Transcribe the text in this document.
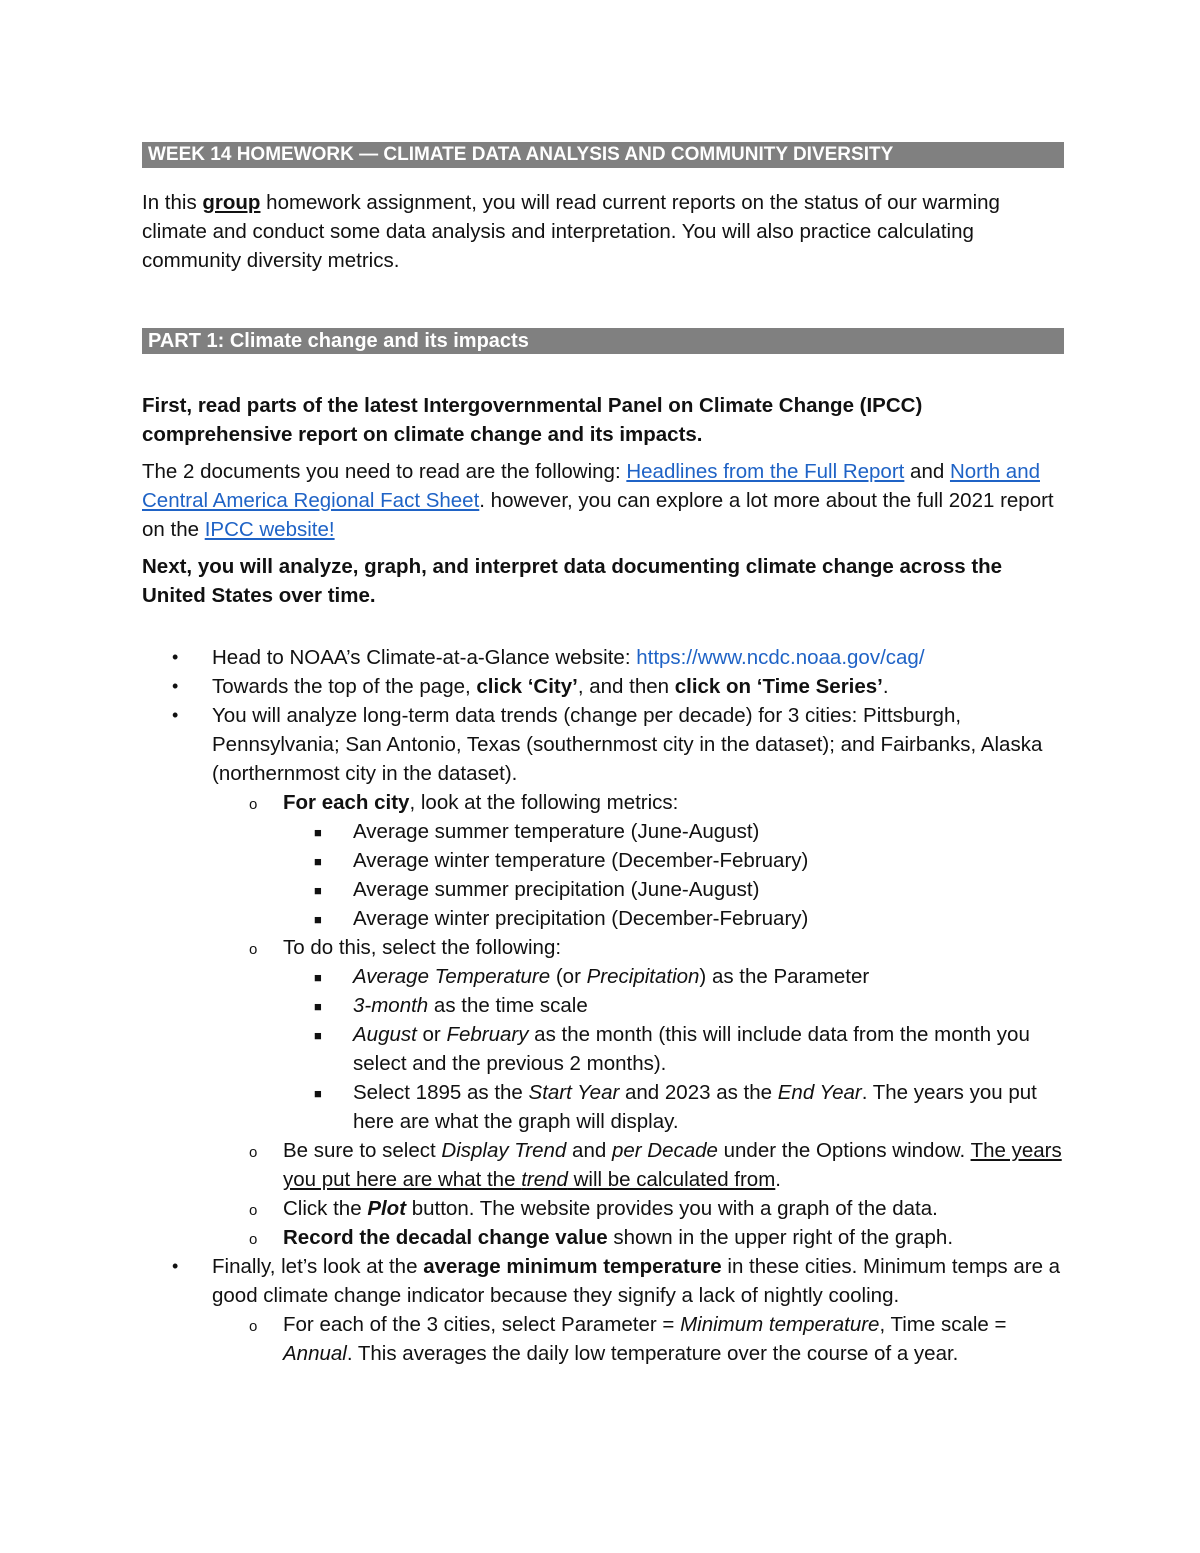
WEEK 14 HOMEWORK — CLIMATE DATA ANALYSIS AND COMMUNITY DIVERSITY

In this group homework assignment, you will read current reports on the status of our warming climate and conduct some data analysis and interpretation. You will also practice calculating community diversity metrics.

PART 1: Climate change and its impacts

First, read parts of the latest Intergovernmental Panel on Climate Change (IPCC) comprehensive report on climate change and its impacts.

The 2 documents you need to read are the following: Headlines from the Full Report and North and Central America Regional Fact Sheet. however, you can explore a lot more about the full 2021 report on the IPCC website!

Next, you will analyze, graph, and interpret data documenting climate change across the United States over time.

• Head to NOAA’s Climate-at-a-Glance website: https://www.ncdc.noaa.gov/cag/
• Towards the top of the page, click ‘City’, and then click on ‘Time Series’.
• You will analyze long-term data trends (change per decade) for 3 cities: Pittsburgh, Pennsylvania; San Antonio, Texas (southernmost city in the dataset); and Fairbanks, Alaska (northernmost city in the dataset).
o For each city, look at the following metrics:
■ Average summer temperature (June-August)
■ Average winter temperature (December-February)
■ Average summer precipitation (June-August)
■ Average winter precipitation (December-February)
o To do this, select the following:
■ Average Temperature (or Precipitation) as the Parameter
■ 3-month as the time scale
■ August or February as the month (this will include data from the month you select and the previous 2 months).
■ Select 1895 as the Start Year and 2023 as the End Year. The years you put here are what the graph will display.
o Be sure to select Display Trend and per Decade under the Options window. The years you put here are what the trend will be calculated from.
o Click the Plot button. The website provides you with a graph of the data.
o Record the decadal change value shown in the upper right of the graph.
• Finally, let’s look at the average minimum temperature in these cities. Minimum temps are a good climate change indicator because they signify a lack of nightly cooling.
o For each of the 3 cities, select Parameter = Minimum temperature, Time scale = Annual. This averages the daily low temperature over the course of a year.
